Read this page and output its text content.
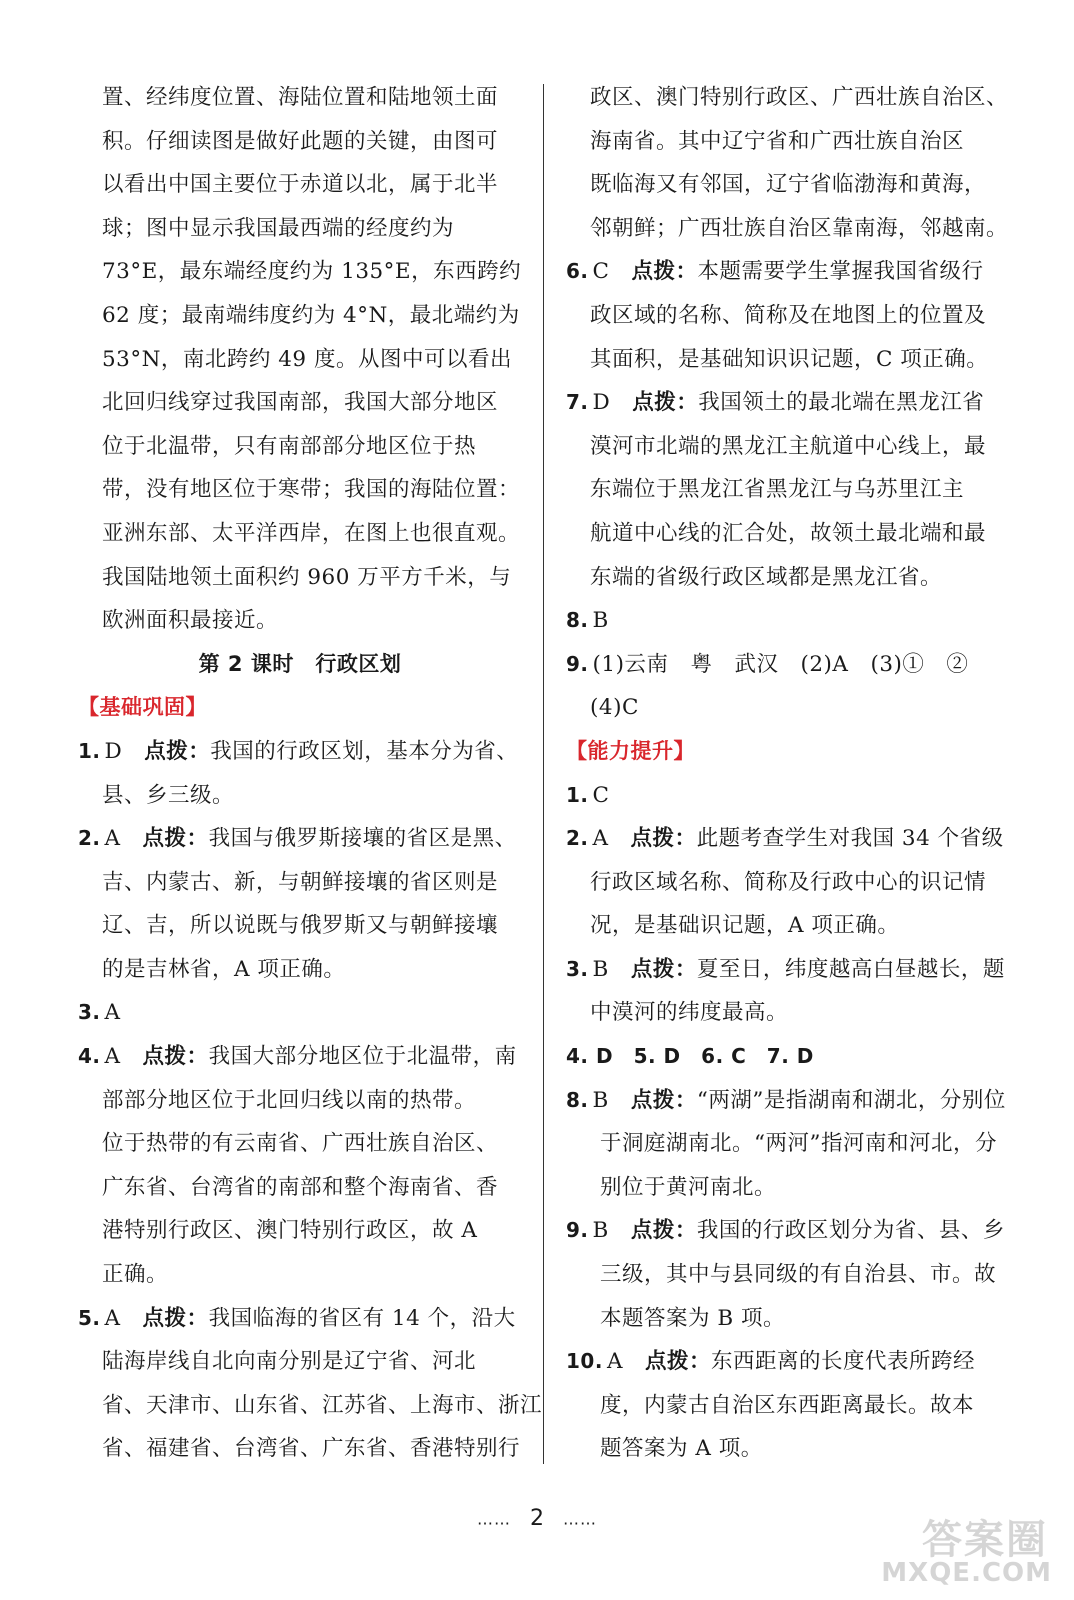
置、经纬度位置、海陆位置和陆地领土面
积。仔细读图是做好此题的关键，由图可
以看出中国主要位于赤道以北，属于北半
球；图中显示我国最西端的经度约为
73°E，最东端经度约为 135°E，东西跨约
62 度；最南端纬度约为 4°N，最北端约为
53°N，南北跨约 49 度。从图中可以看出
北回归线穿过我国南部，我国大部分地区
位于北温带，只有南部部分地区位于热
带，没有地区位于寒带；我国的海陆位置：
亚洲东部、太平洋西岸，在图上也很直观。
我国陆地领土面积约 960 万平方千米，与
欧洲面积最接近。
第 2 课时　行政区划
【基础巩固】
1. D 点拨：我国的行政区划，基本分为省、
县、乡三级。
2. A 点拨：我国与俄罗斯接壤的省区是黑、
吉、内蒙古、新，与朝鲜接壤的省区则是
辽、吉，所以说既与俄罗斯又与朝鲜接壤
的是吉林省，A 项正确。
3. A
4. A 点拨：我国大部分地区位于北温带，南
部部分地区位于北回归线以南的热带。
位于热带的有云南省、广西壮族自治区、
广东省、台湾省的南部和整个海南省、香
港特别行政区、澳门特别行政区，故 A
正确。
5. A 点拨：我国临海的省区有 14 个，沿大
陆海岸线自北向南分别是辽宁省、河北
省、天津市、山东省、江苏省、上海市、浙江
省、福建省、台湾省、广东省、香港特别行
政区、澳门特别行政区、广西壮族自治区、
海南省。其中辽宁省和广西壮族自治区
既临海又有邻国，辽宁省临渤海和黄海，
邻朝鲜；广西壮族自治区靠南海，邻越南。
6. C 点拨：本题需要学生掌握我国省级行
政区域的名称、简称及在地图上的位置及
其面积，是基础知识识记题，C 项正确。
7. D 点拨：我国领土的最北端在黑龙江省
漠河市北端的黑龙江主航道中心线上，最
东端位于黑龙江省黑龙江与乌苏里江主
航道中心线的汇合处，故领土最北端和最
东端的省级行政区域都是黑龙江省。
8. B
9. (1)云南　粤　武汉　(2)A　(3)①　②
(4)C
【能力提升】
1. C
2. A 点拨：此题考查学生对我国 34 个省级
行政区域名称、简称及行政中心的识记情
况，是基础识记题，A 项正确。
3. B 点拨：夏至日，纬度越高白昼越长，题
中漠河的纬度最高。
4. D　5. D　6. C　7. D
8. B 点拨：“两湖”是指湖南和湖北，分别位
于洞庭湖南北。“两河”指河南和河北，分
别位于黄河南北。
9. B 点拨：我国的行政区划分为省、县、乡
三级，其中与县同级的有自治县、市。故
本题答案为 B 项。
10. A 点拨：东西距离的长度代表所跨经
度，内蒙古自治区东西距离最长。故本
题答案为 A 项。
…… 2 ……	答案圈
MXQE.COM
